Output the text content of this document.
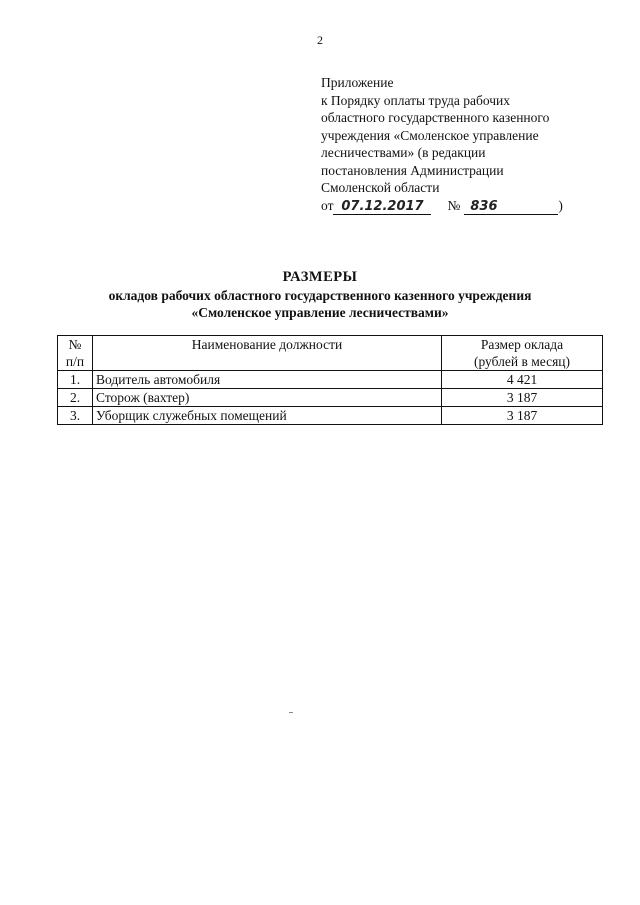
2
Приложение
к Порядку оплаты труда рабочих
областного государственного казенного
учреждения «Смоленское управление
лесничествами» (в редакции
постановления Администрации
Смоленской области
от 07.12.2017 № 836	)
РАЗМЕРЫ
окладов рабочих областного государственного казенного учреждения
«Смоленское управление лесничествами»
№
п/п	Наименование должности	Размер оклада
(рублей в месяц)

1.	Водитель автомобиля	4 421
2.	Сторож (вахтер)	3 187
3.	Уборщик служебных помещений	3 187
